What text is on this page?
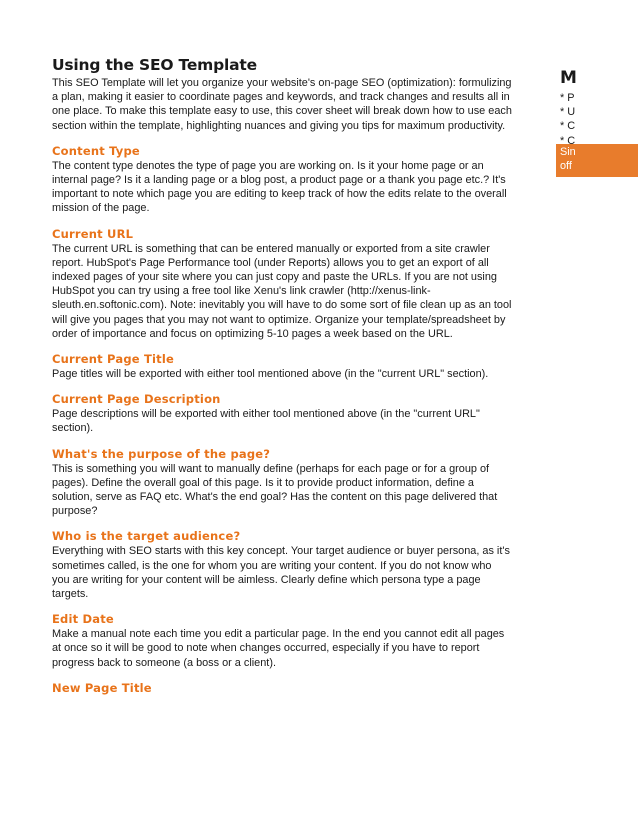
Using the SEO Template

This SEO Template will let you organize your website's on-page SEO (optimization): formulizing a plan, making it easier to coordinate pages and keywords, and track changes and results all in one place. To make this template easy to use, this cover sheet will break down how to use each section within the template, highlighting nuances and giving you tips for maximum productivity.

Content Type

The content type denotes the type of page you are working on. Is it your home page or an internal page? Is it a landing page or a blog post, a product page or a thank you page etc.? It's important to note which page you are editing to keep track of how the edits relate to the overall mission of the page.

Current URL

The current URL is something that can be entered manually or exported from a site crawler report. HubSpot's Page Performance tool (under Reports) allows you to get an export of all indexed pages of your site where you can just copy and paste the URLs. If you are not using HubSpot you can try using a free tool like Xenu's link crawler (http://xenus-link-sleuth.en.softonic.com). Note: inevitably you will have to do some sort of file clean up as an tool will give you pages that you may not want to optimize. Organize your template/spreadsheet by order of importance and focus on optimizing 5-10 pages a week based on the URL.

Current Page Title

Page titles will be exported with either tool mentioned above (in the "current URL" section).

Current Page Description

Page descriptions will be exported with either tool mentioned above (in the "current URL" section).

What's the purpose of the page?

This is something you will want to manually define (perhaps for each page or for a group of pages). Define the overall goal of this page. Is it to provide product information, define a solution, serve as FAQ etc. What's the end goal? Has the content on this page delivered that purpose?

Who is the target audience?

Everything with SEO starts with this key concept. Your target audience or buyer persona, as it's sometimes called, is the one for whom you are writing your content. If you do not know who you are writing for your content will be aimless. Clearly define which persona type a page targets.

Edit Date

Make a manual note each time you edit a particular page. In the end you cannot edit all pages at once so it will be good to note when changes occurred, especially if you have to report progress back to someone (a boss or a client).

New Page Title

M
* P
* U
* C
* C
Sin
off
